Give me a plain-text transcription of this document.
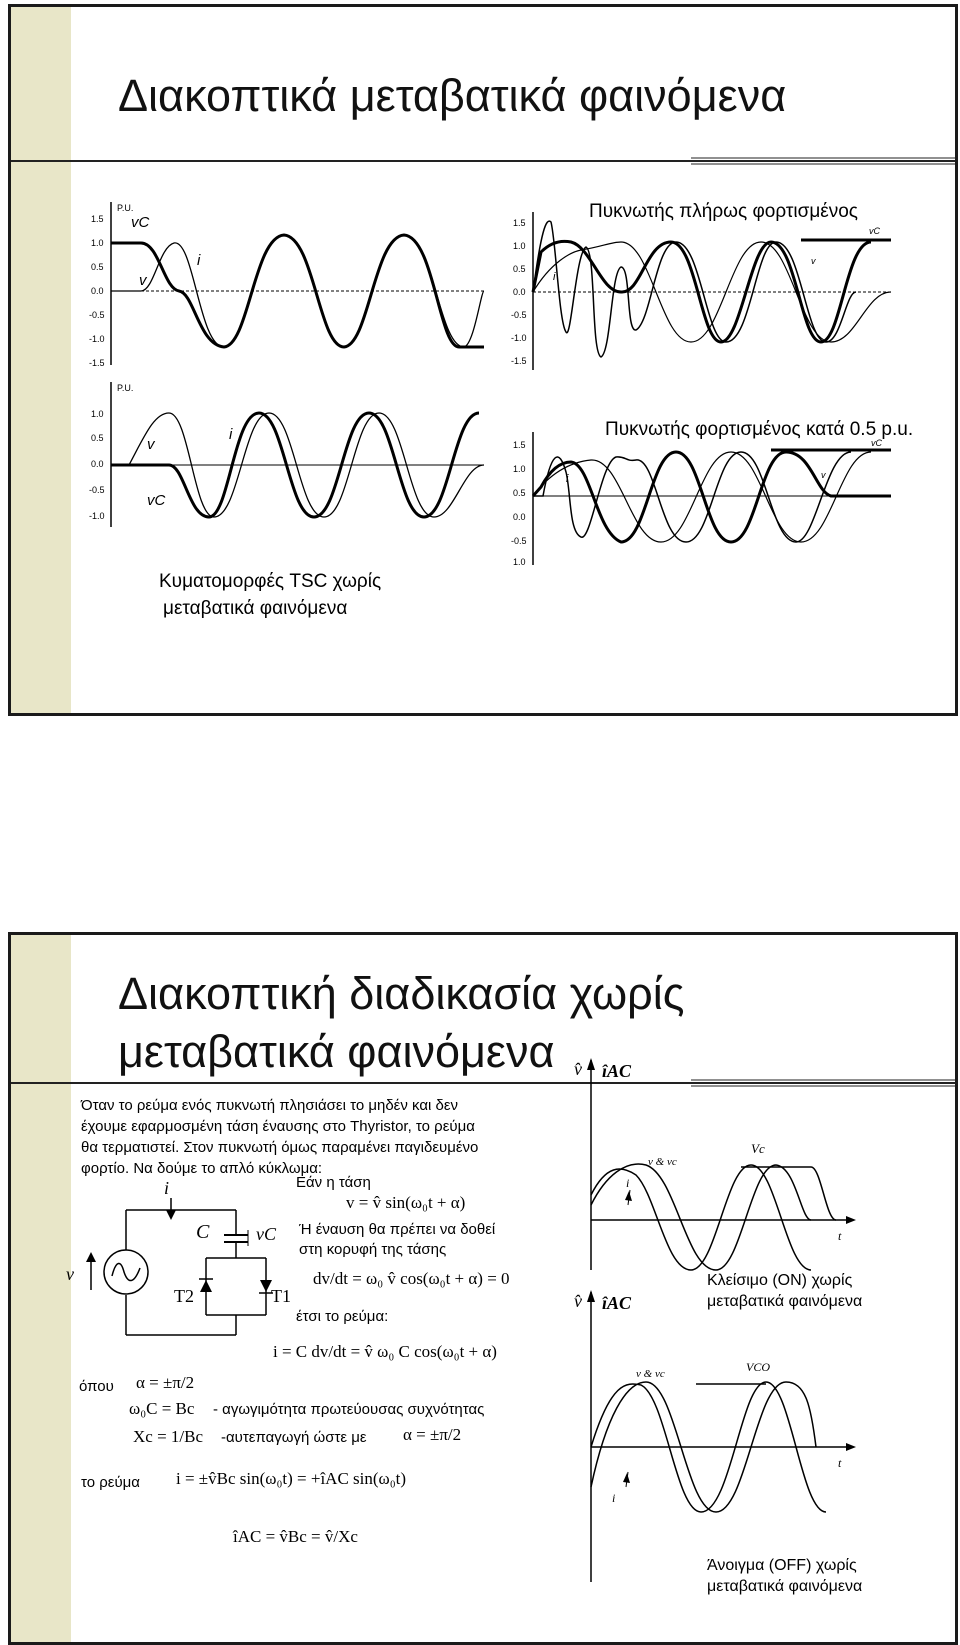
Διακοπτικά μεταβατικά φαινόμενα
Πυκνωτής πλήρως φορτισμένος
Πυκνωτής φορτισμένος κατά 0.5 p.u.
Κυματομορφές TSC χωρίς
μεταβατικά φαινόμενα
1.5
1.0
0.5
0.0
-0.5
-1.0
-1.5
P.U.
vC
v
i
1.0
0.5
0.0
-0.5
-1.0
P.U.
v
i
vC
1.5
1.0
0.5
0.0
-0.5
-1.0
-1.5
vC
v
i
1.5
1.0
0.5
0.0
-0.5
1.0
vC
v
i
Διακοπτική διαδικασία χωρίς
μεταβατικά φαινόμενα
Όταν το ρεύμα ενός πυκνωτή πλησιάσει το μηδέν και δεν
έχουμε εφαρμοσμένη τάση έναυσης στο Thyristor, το ρεύμα
θα τερματιστεί. Στον πυκνωτή όμως παραμένει παγιδευμένο
φορτίο. Να δούμε το απλό κύκλωμα:
i
C	vC
v
T1
T2
Εάν η τάση
v = v̂ sin(ω₀t + α)
Ή έναυση θα πρέπει να δοθεί
στη κορυφή της τάσης
dv/dt = ω₀ v̂ cos(ω₀t + α) = 0
έτσι το ρεύμα:
i = C dv/dt = v̂ ω₀ C cos(ω₀t + α)
όπου α = ±π/2
ω₀C = Bc - αγωγιμότητα πρωτεύουσας συχνότητας
Xc = 1/Bc -αυτεπαγωγή ώστε με α = ±π/2
το ρεύμα i = ±v̂Bc sin(ω₀t) = +îAC sin(ω₀t)
îAC = v̂Bc = v̂/Xc
v̂ îAC
t
v & vc
Vc
i
Κλείσιμο (ON) χωρίς
μεταβατικά φαινόμενα
v̂ îAC
t
v & vc	VCO
i
Άνοιγμα (OFF) χωρίς
μεταβατικά φαινόμενα
